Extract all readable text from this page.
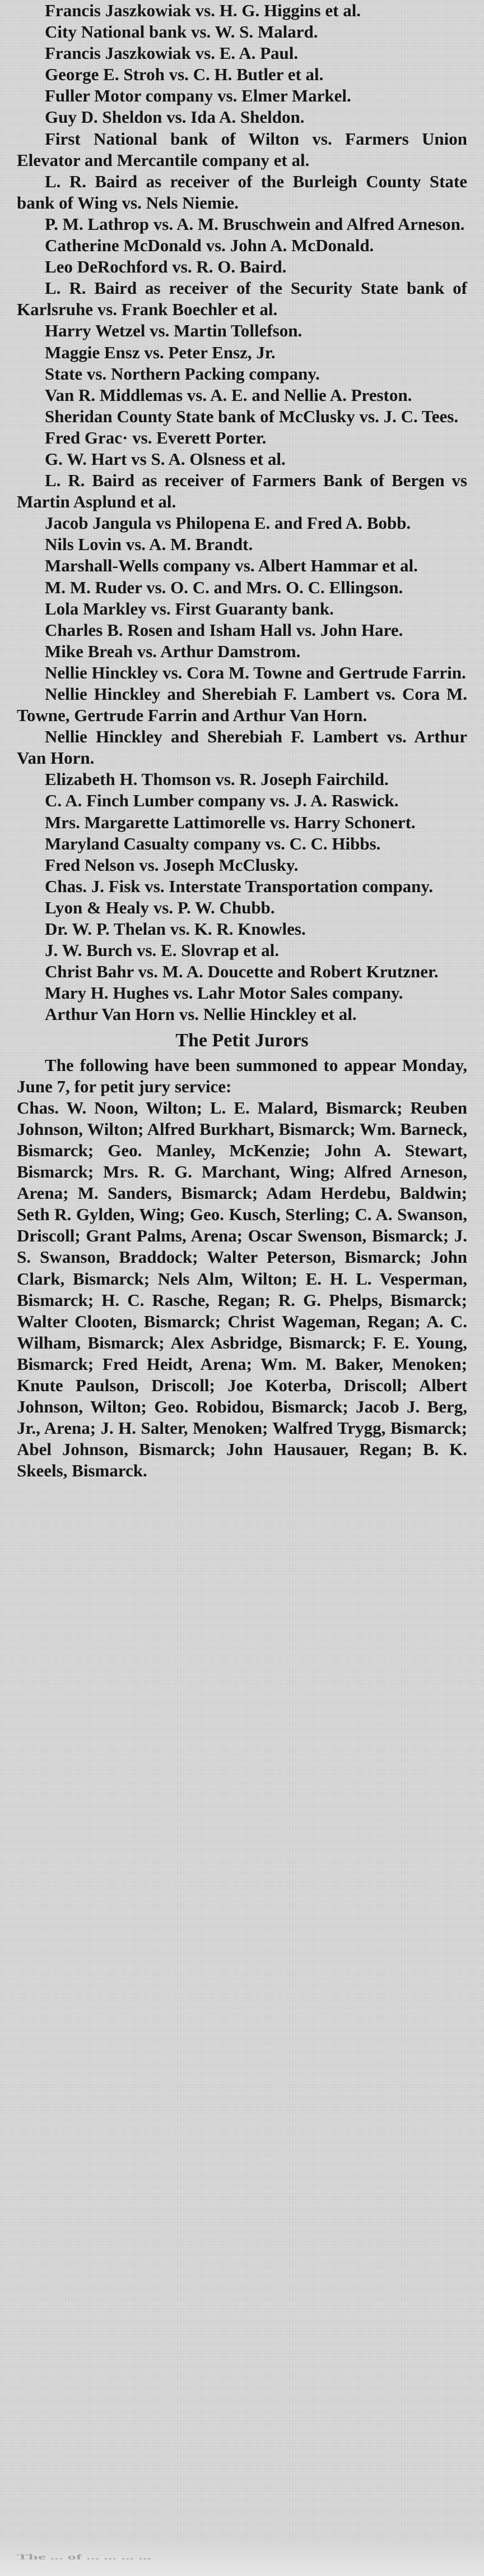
Francis Jaszkowiak vs. H. G. Higgins et al.

City National bank vs. W. S. Malard.

Francis Jaszkowiak vs. E. A. Paul.

George E. Stroh vs. C. H. Butler et al.

Fuller Motor company vs. Elmer Markel.

Guy D. Sheldon vs. Ida A. Sheldon.

First National bank of Wilton vs. Farmers Union Elevator and Mercantile company et al.

L. R. Baird as receiver of the Burleigh County State bank of Wing vs. Nels Niemie.

P. M. Lathrop vs. A. M. Bruschwein and Alfred Arneson.

Catherine McDonald vs. John A. McDonald.

Leo DeRochford vs. R. O. Baird.

L. R. Baird as receiver of the Security State bank of Karlsruhe vs. Frank Boechler et al.

Harry Wetzel vs. Martin Tollefson.

Maggie Ensz vs. Peter Ensz, Jr.

State vs. Northern Packing company.

Van R. Middlemas vs. A. E. and Nellie A. Preston.

Sheridan County State bank of McClusky vs. J. C. Tees.

Fred Grac· vs. Everett Porter.

G. W. Hart vs S. A. Olsness et al.

L. R. Baird as receiver of Farmers Bank of Bergen vs Martin Asplund et al.

Jacob Jangula vs Philopena E. and Fred A. Bobb.

Nils Lovin vs. A. M. Brandt.

Marshall-Wells company vs. Albert Hammar et al.

M. M. Ruder vs. O. C. and Mrs. O. C. Ellingson.

Lola Markley vs. First Guaranty bank.

Charles B. Rosen and Isham Hall vs. John Hare.

Mike Breah vs. Arthur Damstrom.

Nellie Hinckley vs. Cora M. Towne and Gertrude Farrin.

Nellie Hinckley and Sherebiah F. Lambert vs. Cora M. Towne, Gertrude Farrin and Arthur Van Horn.

Nellie Hinckley and Sherebiah F. Lambert vs. Arthur Van Horn.

Elizabeth H. Thomson vs. R. Joseph Fairchild.

C. A. Finch Lumber company vs. J. A. Raswick.

Mrs. Margarette Lattimorelle vs. Harry Schonert.

Maryland Casualty company vs. C. C. Hibbs.

Fred Nelson vs. Joseph McClusky.

Chas. J. Fisk vs. Interstate Transportation company.

Lyon & Healy vs. P. W. Chubb.

Dr. W. P. Thelan vs. K. R. Knowles.

J. W. Burch vs. E. Slovrap et al.

Christ Bahr vs. M. A. Doucette and Robert Krutzner.

Mary H. Hughes vs. Lahr Motor Sales company.

Arthur Van Horn vs. Nellie Hinckley et al.

The Petit Jurors

The following have been summoned to appear Monday, June 7, for petit jury service:

Chas. W. Noon, Wilton; L. E. Malard, Bismarck; Reuben Johnson, Wilton; Alfred Burkhart, Bismarck; Wm. Barneck, Bismarck; Geo. Manley, McKenzie; John A. Stewart, Bismarck; Mrs. R. G. Marchant, Wing; Alfred Arneson, Arena; M. Sanders, Bismarck; Adam Herdebu, Baldwin; Seth R. Gylden, Wing; Geo. Kusch, Sterling; C. A. Swanson, Driscoll; Grant Palms, Arena; Oscar Swenson, Bismarck; J. S. Swanson, Braddock; Walter Peterson, Bismarck; John Clark, Bismarck; Nels Alm, Wilton; E. H. L. Vesperman, Bismarck; H. C. Rasche, Regan; R. G. Phelps, Bismarck; Walter Clooten, Bismarck; Christ Wageman, Regan; A. C. Wilham, Bismarck; Alex Asbridge, Bismarck; F. E. Young, Bismarck; Fred Heidt, Arena; Wm. M. Baker, Menoken; Knute Paulson, Driscoll; Joe Koterba, Driscoll; Albert Johnson, Wilton; Geo. Robidou, Bismarck; Jacob J. Berg, Jr., Arena; J. H. Salter, Menoken; Walfred Trygg, Bismarck; Abel Johnson, Bismarck; John Hausauer, Regan; B. K. Skeels, Bismarck.

The ... of ... ... ... ...
